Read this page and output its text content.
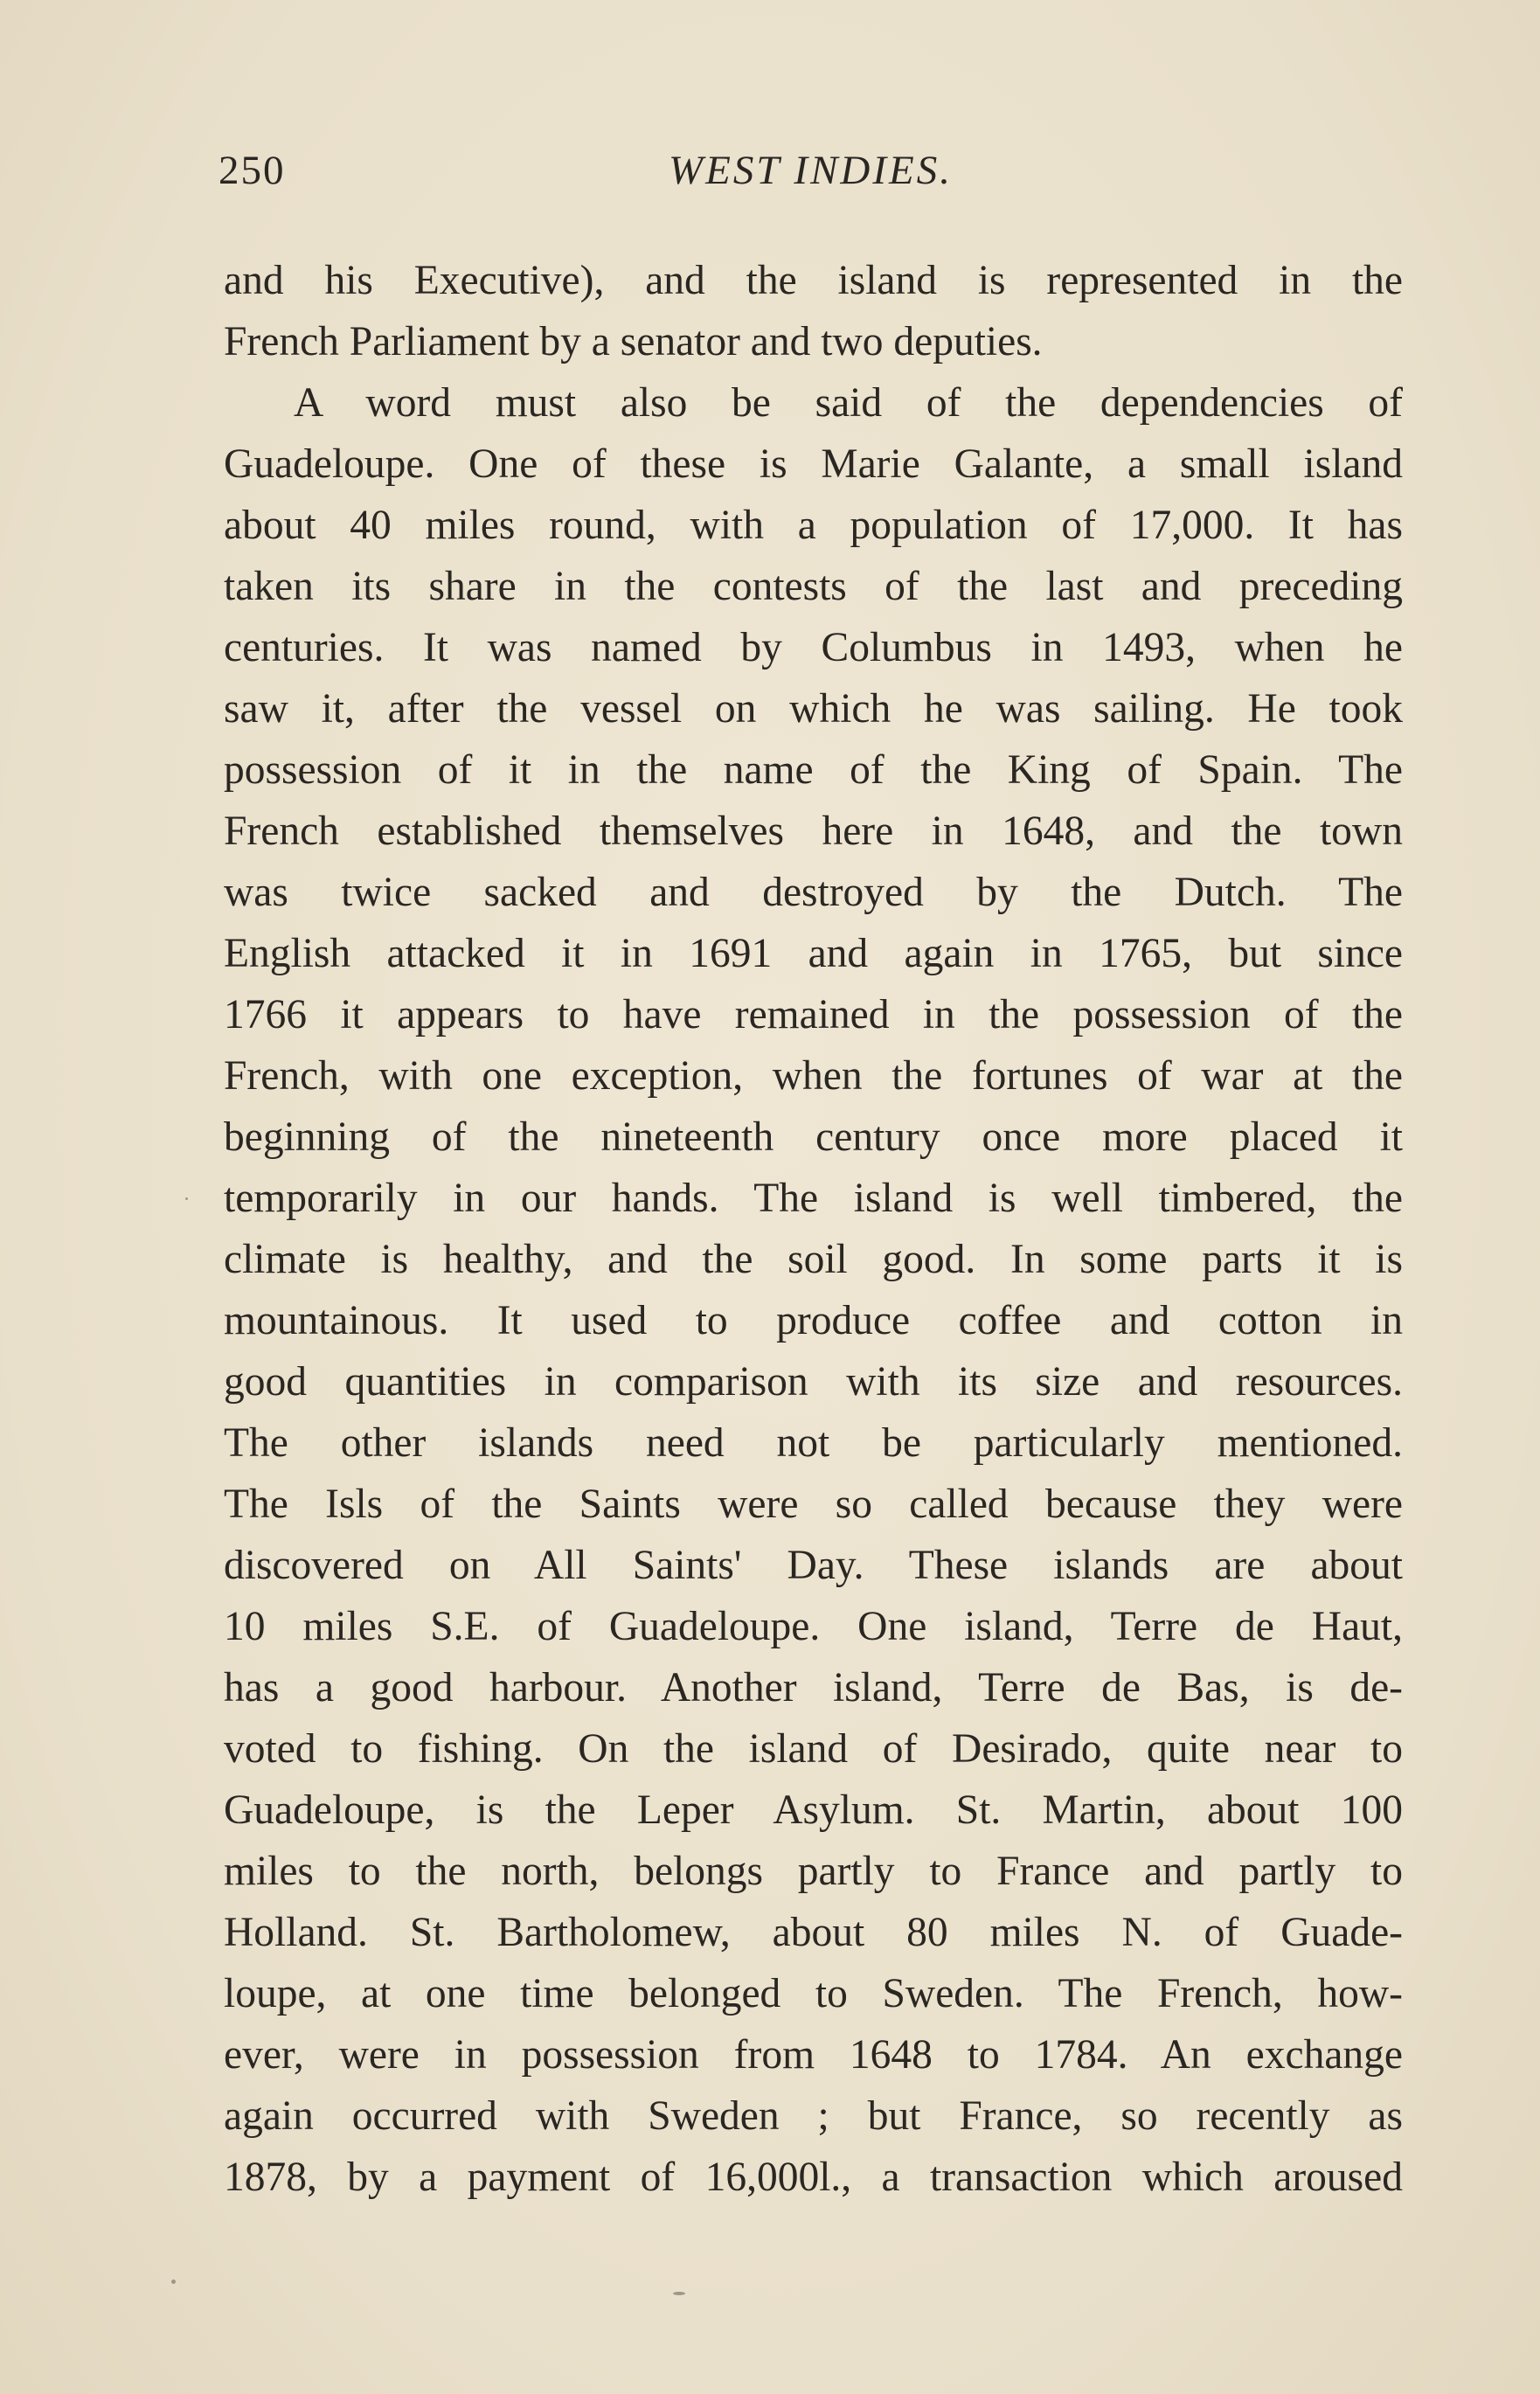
250	WEST INDIES.
and his Executive), and the island is represented in the
French Parliament by a senator and two deputies.
A word must also be said of the dependencies of
Guadeloupe. One of these is Marie Galante, a small island
about 40 miles round, with a population of 17,000. It has
taken its share in the contests of the last and preceding
centuries. It was named by Columbus in 1493, when he
saw it, after the vessel on which he was sailing. He took
possession of it in the name of the King of Spain. The
French established themselves here in 1648, and the town
was twice sacked and destroyed by the Dutch. The
English attacked it in 1691 and again in 1765, but since
1766 it appears to have remained in the possession of the
French, with one exception, when the fortunes of war at the
beginning of the nineteenth century once more placed it
temporarily in our hands. The island is well timbered, the
climate is healthy, and the soil good. In some parts it is
mountainous. It used to produce coffee and cotton in
good quantities in comparison with its size and resources.
The other islands need not be particularly mentioned.
The Isls of the Saints were so called because they were
discovered on All Saints' Day. These islands are about
10 miles S.E. of Guadeloupe. One island, Terre de Haut,
has a good harbour. Another island, Terre de Bas, is de-
voted to fishing. On the island of Desirado, quite near to
Guadeloupe, is the Leper Asylum. St. Martin, about 100
miles to the north, belongs partly to France and partly to
Holland. St. Bartholomew, about 80 miles N. of Guade-
loupe, at one time belonged to Sweden. The French, how-
ever, were in possession from 1648 to 1784. An exchange
again occurred with Sweden ; but France, so recently as
1878, by a payment of 16,000l., a transaction which aroused
